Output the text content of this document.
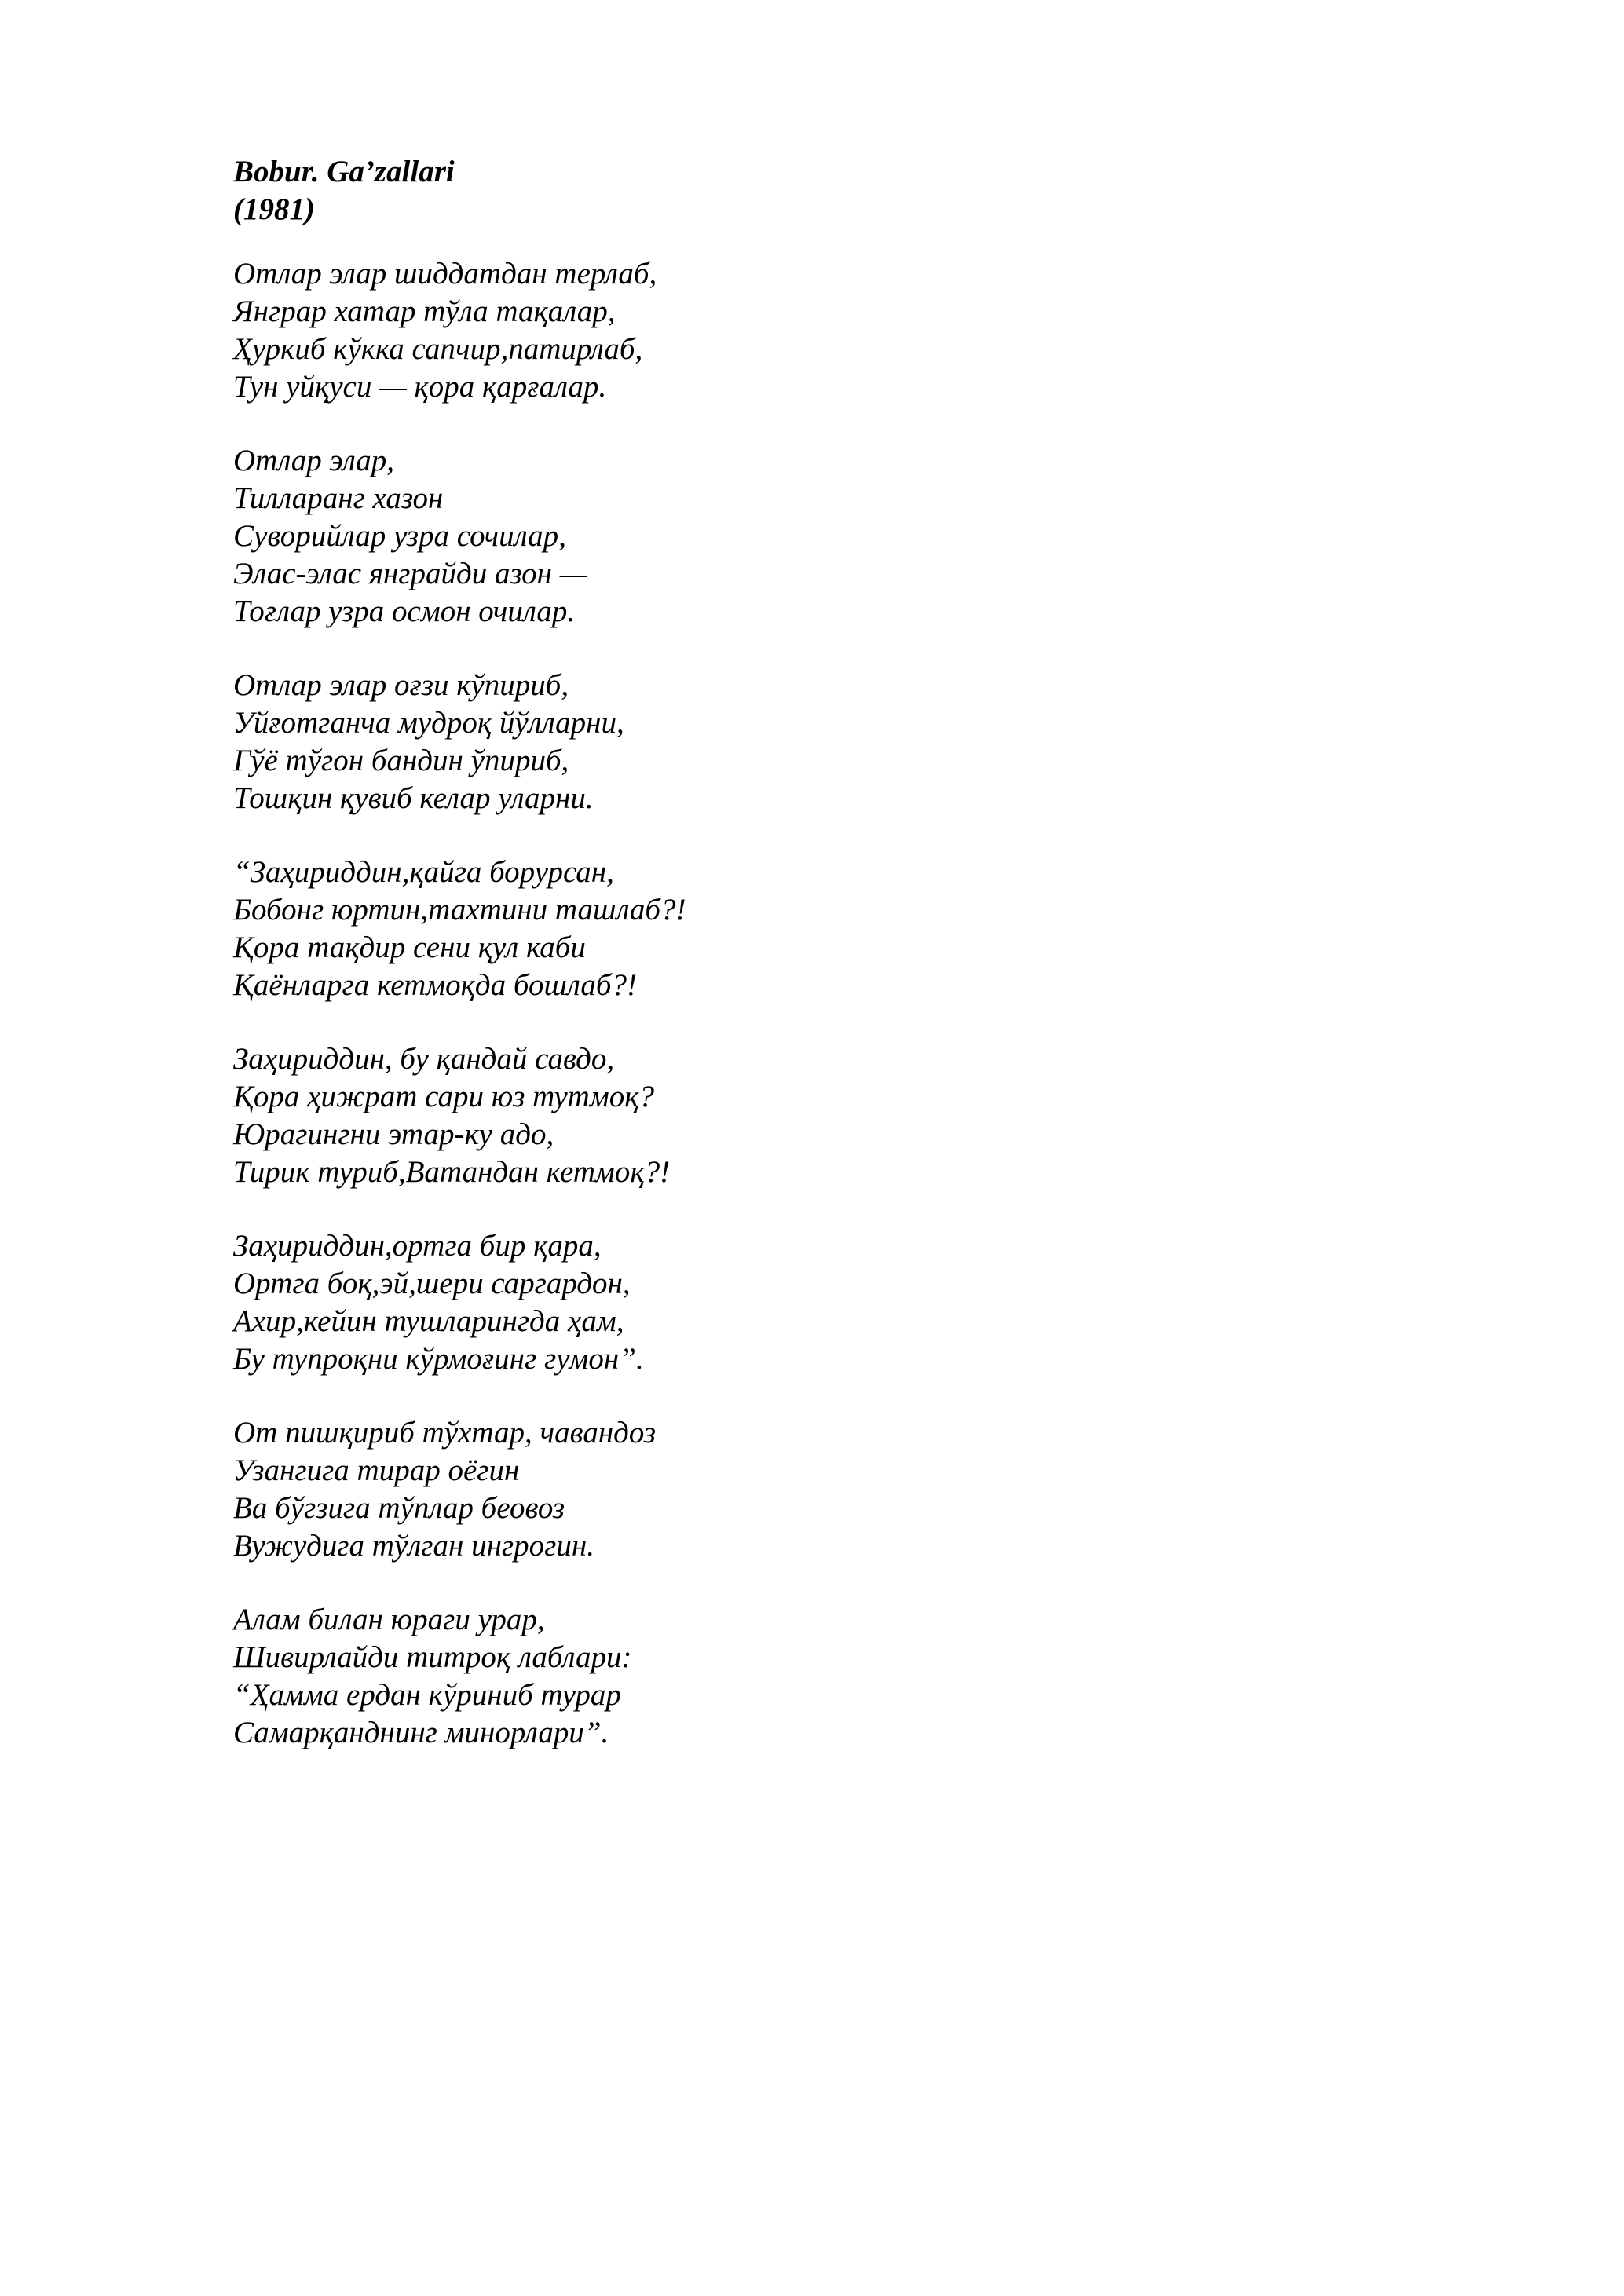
Bobur. Ga’zallari
(1981)
Отлар элар шиддатдан терлаб,
Янграр хатар тўла тақалар,
Ҳуркиб кўкка сапчир,патирлаб,
Тун уйқуси — қора қарғалар.
Отлар элар,
Тилларанг хазон
Суворийлар узра сочилар,
Элас-элас янграйди азон —
Тоғлар узра осмон очилар.
Отлар элар оғзи кўпириб,
Уйғотганча мудроқ йўлларни,
Гўё тўгон бандин ўпириб,
Тошқин қувиб келар уларни.
“Заҳириддин,қайга борурсан,
Бобонг юртин,тахтини ташлаб?!
Қора тақдир сени қул каби
Қаёнларга кетмоқда бошлаб?!
Заҳириддин, бу қандай савдо,
Қора ҳижрат сари юз тутмоқ?
Юрагингни этар-ку адо,
Тирик туриб,Ватандан кетмоқ?!
Заҳириддин,ортга бир қара,
Ортга боқ,эй,шери саргардон,
Ахир,кейин тушларингда ҳам,
Бу тупроқни кўрмоғинг гумон”.
От пишқириб тўхтар, чавандоз
Узангига тирар оёгин
Ва бўгзига тўплар беовоз
Вужудига тўлган ингрогин.
Алам билан юраги урар,
Шивирлайди титроқ лаблари:
“Ҳамма ердан кўриниб турар
Самарқанднинг минорлари”.
